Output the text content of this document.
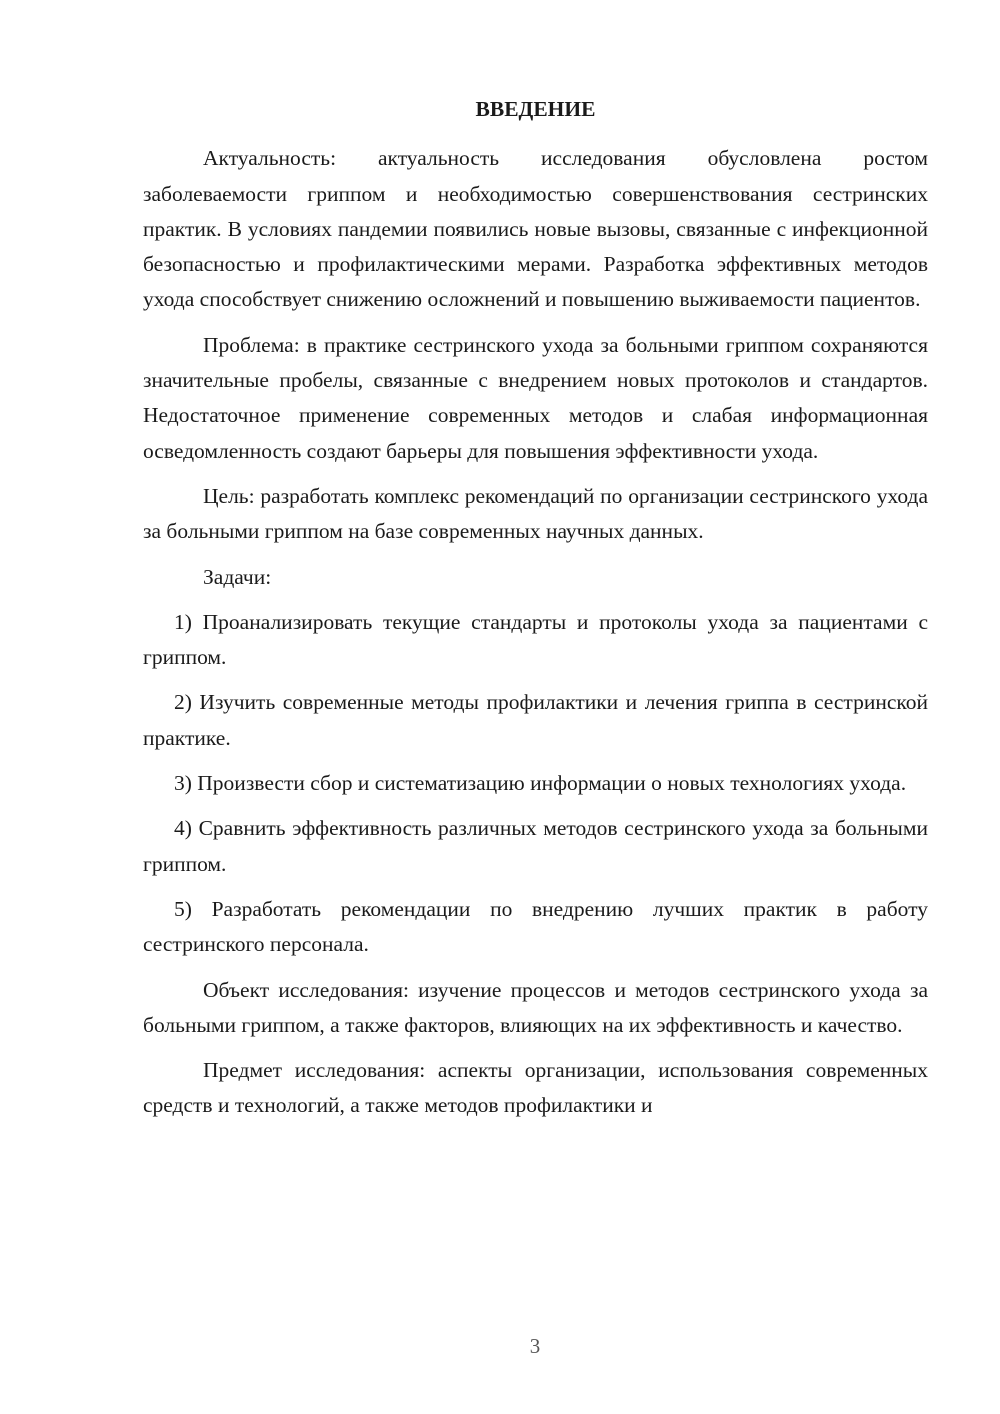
ВВЕДЕНИЕ

Актуальность: актуальность исследования обусловлена ростом заболеваемости гриппом и необходимостью совершенствования сестринских практик. В условиях пандемии появились новые вызовы, связанные с инфекционной безопасностью и профилактическими мерами. Разработка эффективных методов ухода способствует снижению осложнений и повышению выживаемости пациентов.

Проблема: в практике сестринского ухода за больными гриппом сохраняются значительные пробелы, связанные с внедрением новых протоколов и стандартов. Недостаточное применение современных методов и слабая информационная осведомленность создают барьеры для повышения эффективности ухода.

Цель: разработать комплекс рекомендаций по организации сестринского ухода за больными гриппом на базе современных научных данных.

Задачи:

1) Проанализировать текущие стандарты и протоколы ухода за пациентами с гриппом.

2) Изучить современные методы профилактики и лечения гриппа в сестринской практике.

3) Произвести сбор и систематизацию информации о новых технологиях ухода.

4) Сравнить эффективность различных методов сестринского ухода за больными гриппом.

5) Разработать рекомендации по внедрению лучших практик в работу сестринского персонала.

Объект исследования: изучение процессов и методов сестринского ухода за больными гриппом, а также факторов, влияющих на их эффективность и качество.

Предмет исследования: аспекты организации, использования современных средств и технологий, а также методов профилактики и

3
